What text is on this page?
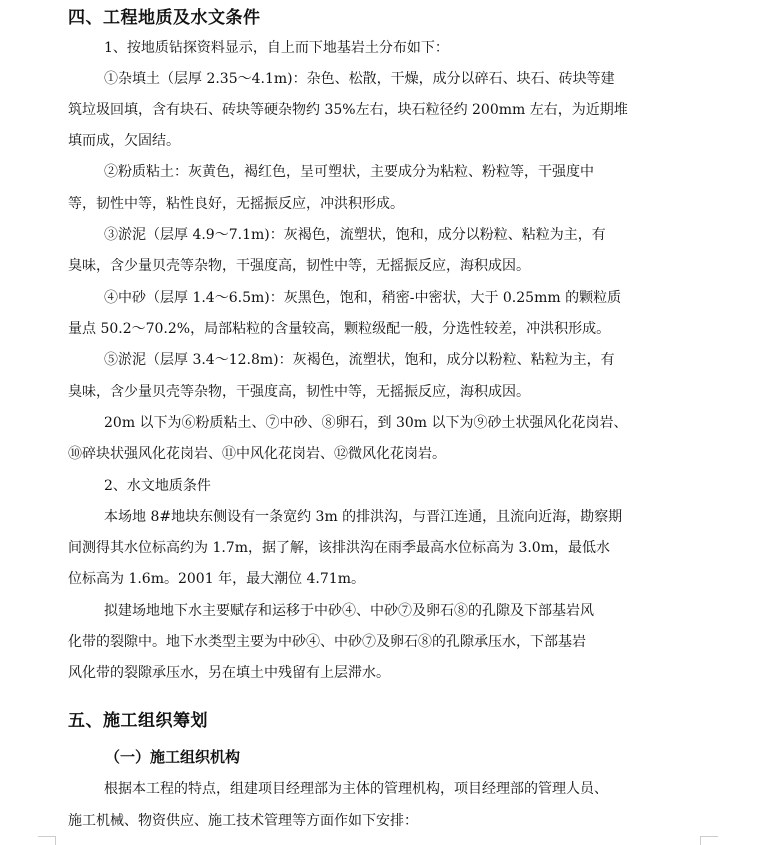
四、工程地质及水文条件
1、按地质钻探资料显示，自上而下地基岩土分布如下：
①杂填土（层厚 2.35～4.1m)：杂色、松散，干燥，成分以碎石、块石、砖块等建
筑垃圾回填，含有块石、砖块等硬杂物约 35%左右，块石粒径约 200mm 左右，为近期堆
填而成，欠固结。
②粉质粘土：灰黄色，褐红色，呈可塑状，主要成分为粘粒、粉粒等，干强度中
等，韧性中等，粘性良好，无摇振反应，冲洪积形成。
③淤泥（层厚 4.9～7.1m)：灰褐色，流塑状，饱和，成分以粉粒、粘粒为主，有
臭味，含少量贝壳等杂物，干强度高，韧性中等，无摇振反应，海积成因。
④中砂（层厚 1.4～6.5m)：灰黑色，饱和，稍密-中密状，大于 0.25mm 的颗粒质
量点 50.2～70.2%，局部粘粒的含量较高，颗粒级配一般，分选性较差，冲洪积形成。
⑤淤泥（层厚 3.4～12.8m)：灰褐色，流塑状，饱和，成分以粉粒、粘粒为主，有
臭味，含少量贝壳等杂物，干强度高，韧性中等，无摇振反应，海积成因。
20m 以下为⑥粉质粘土、⑦中砂、⑧卵石，到 30m 以下为⑨砂土状强风化花岗岩、
⑩碎块状强风化花岗岩、⑪中风化花岗岩、⑫微风化花岗岩。
2、水文地质条件
本场地 8#地块东侧设有一条宽约 3m 的排洪沟，与晋江连通，且流向近海，勘察期
间测得其水位标高约为 1.7m，据了解，该排洪沟在雨季最高水位标高为 3.0m，最低水
位标高为 1.6m。2001 年，最大潮位 4.71m。
拟建场地地下水主要赋存和运移于中砂④、中砂⑦及卵石⑧的孔隙及下部基岩风
化带的裂隙中。地下水类型主要为中砂④、中砂⑦及卵石⑧的孔隙承压水，下部基岩
风化带的裂隙承压水，另在填土中残留有上层滞水。
五、施工组织筹划
（一）施工组织机构
根据本工程的特点，组建项目经理部为主体的管理机构，项目经理部的管理人员、
施工机械、物资供应、施工技术管理等方面作如下安排：
